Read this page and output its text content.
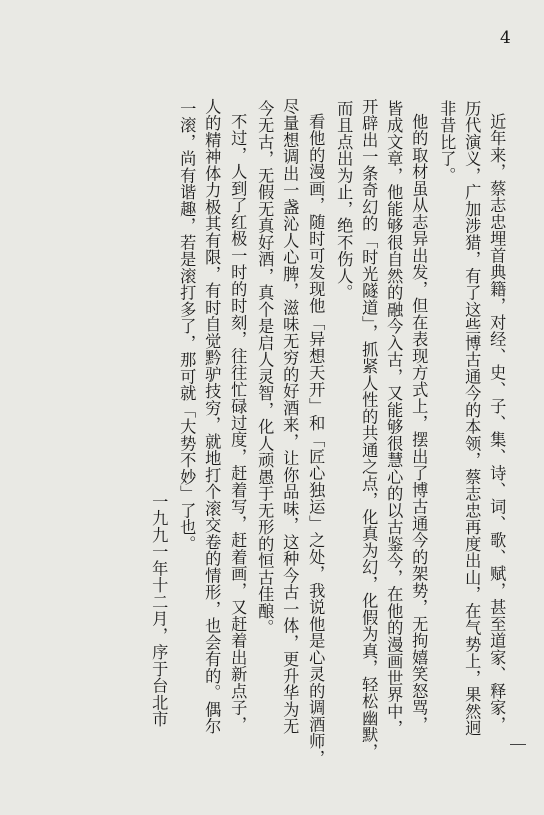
4
近年来，蔡志忠埋首典籍，对经、史、子、集、诗、词、歌、赋，甚至道家、释家，
历代演义，广加涉猎，有了这些博古通今的本领，蔡志忠再度出山，在气势上，果然迥
非昔比了。
他的取材虽从志异出发，但在表现方式上，摆出了博古通今的架势，无拘嬉笑怒骂，
皆成文章，他能够很自然的融今入古，又能够很慧心的以古鉴今，在他的漫画世界中，
开辟出一条奇幻的「时光隧道」，抓紧人性的共通之点，化真为幻，化假为真，轻松幽默，
而且点出为止，绝不伤人。
看他的漫画，随时可发现他「异想天开」和「匠心独运」之处，我说他是心灵的调酒师，
尽量想调出一盏沁人心脾，滋味无穷的好酒来，让你品味，这种今古一体，更升华为无
今无古，无假无真好酒，真个是启人灵智，化人顽愚于无形的恒古佳酿。
不过，人到了红极一时的时刻，往往忙碌过度，赶着写，赶着画，又赶着出新点子，
人的精神体力极其有限，有时自觉黔驴技穷，就地打个滚交卷的情形，也会有的。偶尔
一滚，尚有谐趣，若是滚打多了，那可就「大势不妙」了也。
一九九一年十二月，序于台北市
